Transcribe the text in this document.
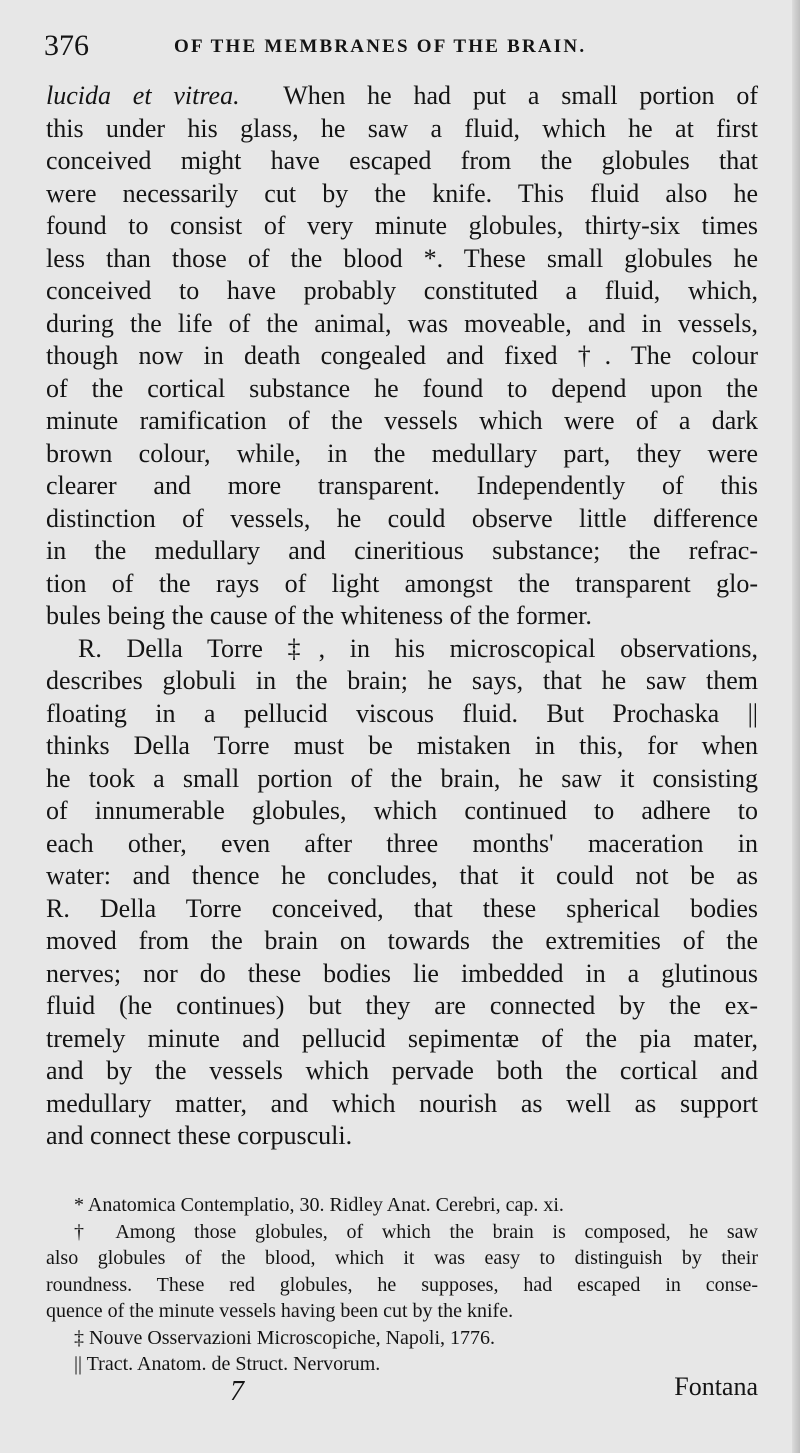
376	OF THE MEMBRANES OF THE BRAIN.
lucida et vitrea. When he had put a small portion of
this under his glass, he saw a fluid, which he at first
conceived might have escaped from the globules that
were necessarily cut by the knife. This fluid also he
found to consist of very minute globules, thirty-six times
less than those of the blood *. These small globules he
conceived to have probably constituted a fluid, which,
during the life of the animal, was moveable, and in vessels,
though now in death congealed and fixed †. The colour
of the cortical substance he found to depend upon the
minute ramification of the vessels which were of a dark
brown colour, while, in the medullary part, they were
clearer and more transparent. Independently of this
distinction of vessels, he could observe little difference
in the medullary and cineritious substance; the refrac-
tion of the rays of light amongst the transparent glo-
bules being the cause of the whiteness of the former.
R. Della Torre ‡, in his microscopical observations,
describes globuli in the brain; he says, that he saw them
floating in a pellucid viscous fluid. But Prochaska ||
thinks Della Torre must be mistaken in this, for when
he took a small portion of the brain, he saw it consisting
of innumerable globules, which continued to adhere to
each other, even after three months' maceration in
water: and thence he concludes, that it could not be as
R. Della Torre conceived, that these spherical bodies
moved from the brain on towards the extremities of the
nerves; nor do these bodies lie imbedded in a glutinous
fluid (he continues) but they are connected by the ex-
tremely minute and pellucid sepimentæ of the pia mater,
and by the vessels which pervade both the cortical and
medullary matter, and which nourish as well as support
and connect these corpusculi.
* Anatomica Contemplatio, 30. Ridley Anat. Cerebri, cap. xi.
† Among those globules, of which the brain is composed, he saw
also globules of the blood, which it was easy to distinguish by their
roundness. These red globules, he supposes, had escaped in conse-
quence of the minute vessels having been cut by the knife.
‡ Nouve Osservazioni Microscopiche, Napoli, 1776.
|| Tract. Anatom. de Struct. Nervorum.
7	Fontana
